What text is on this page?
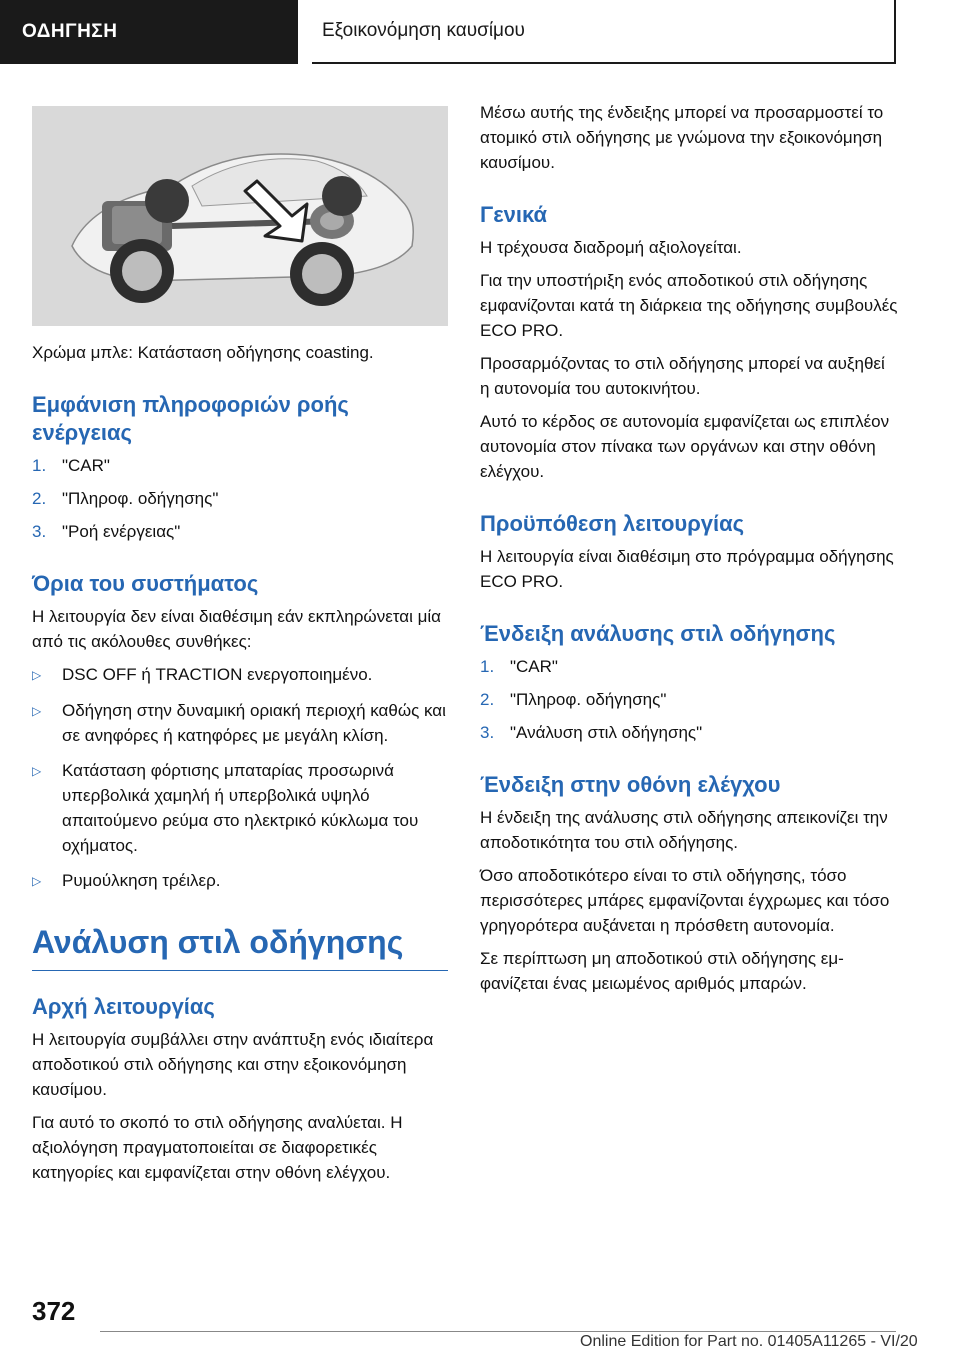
ΟΔΗΓΗΣΗ	Εξοικονόμηση καυσίμου
Χρώμα μπλε: Κατάσταση οδήγησης coasting.
Εμφάνιση πληροφοριών ροής ενέργειας
1. "CAR"
2. "Πληροφ. οδήγησης"
3. "Ροή ενέργειας"
Όρια του συστήματος

Η λειτουργία δεν είναι διαθέσιμη εάν εκπληρώνεται μία από τις ακόλουθες συνθήκες:

▷	DSC OFF ή TRACTION ενεργοποιημένο.
▷	Οδήγηση στην δυναμική οριακή περιοχή καθώς και σε ανηφόρες ή κατηφόρες με μεγάλη κλίση.
▷	Κατάσταση φόρτισης μπαταρίας προσωρινά υπερβολικά χαμηλή ή υπερβολικά υψηλό απαιτούμενο ρεύμα στο ηλεκτρικό κύκλωμα του οχήματος.
▷	Ρυμούλκηση τρέιλερ.
Ανάλυση στιλ οδήγησης
Αρχή λειτουργίας

Η λειτουργία συμβάλλει στην ανάπτυξη ενός ιδιαίτερα αποδοτικού στιλ οδήγησης και στην εξοικονόμηση καυσίμου.

Για αυτό το σκοπό το στιλ οδήγησης αναλύεται. Η αξιολόγηση πραγματοποιείται σε διαφορετικές κατηγορίες και εμφανίζεται στην οθόνη ελέγχου.

Μέσω αυτής της ένδειξης μπορεί να προσαρμοστεί το ατομικό στιλ οδήγησης με γνώμονα την εξοικονόμηση καυσίμου.

Γενικά

Η τρέχουσα διαδρομή αξιολογείται.

Για την υποστήριξη ενός αποδοτικού στιλ οδήγησης εμφανίζονται κατά τη διάρκεια της οδήγησης συμβουλές ECO PRO.

Προσαρμόζοντας το στιλ οδήγησης μπορεί να αυξηθεί η αυτονομία του αυτοκινήτου.

Αυτό το κέρδος σε αυτονομία εμφανίζεται ως επιπλέον αυτονομία στον πίνακα των οργάνων και στην οθόνη ελέγχου.

Προϋπόθεση λειτουργίας

Η λειτουργία είναι διαθέσιμη στο πρόγραμμα οδήγησης ECO PRO.

Ένδειξη ανάλυσης στιλ οδήγησης
1. "CAR"
2. "Πληροφ. οδήγησης"
3. "Ανάλυση στιλ οδήγησης"
Ένδειξη στην οθόνη ελέγχου

Η ένδειξη της ανάλυσης στιλ οδήγησης απεικονίζει την αποδοτικότητα του στιλ οδήγησης.

Όσο αποδοτικότερο είναι το στιλ οδήγησης, τόσο περισσότερες μπάρες εμφανίζονται έγχρωμες και τόσο γρηγορότερα αυξάνεται η πρόσθετη αυτονομία.

Σε περίπτωση μη αποδοτικού στιλ οδήγησης εμφανίζεται ένας μειωμένος αριθμός μπαρών.

372
Online Edition for Part no. 01405A11265 - VI/20
